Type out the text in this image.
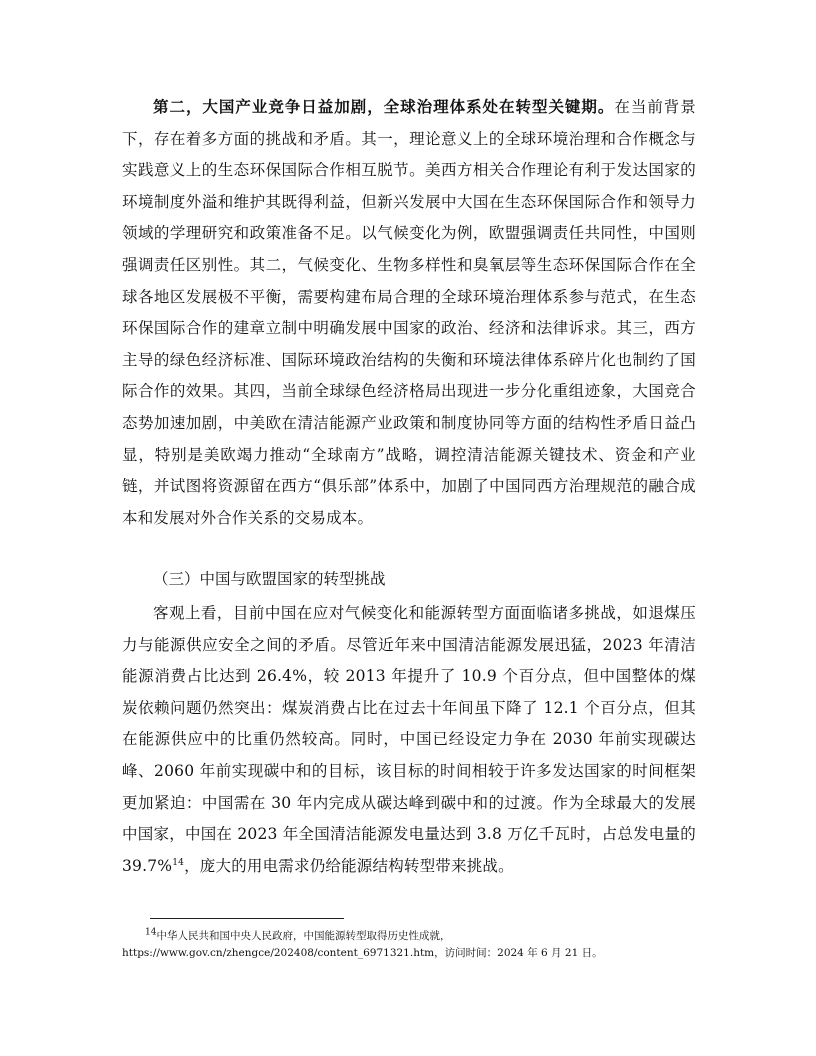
第二，大国产业竞争日益加剧，全球治理体系处在转型关键期。在当前背景下，存在着多方面的挑战和矛盾。其一，理论意义上的全球环境治理和合作概念与实践意义上的生态环保国际合作相互脱节。美西方相关合作理论有利于发达国家的环境制度外溢和维护其既得利益，但新兴发展中大国在生态环保国际合作和领导力领域的学理研究和政策准备不足。以气候变化为例，欧盟强调责任共同性，中国则强调责任区别性。其二，气候变化、生物多样性和臭氧层等生态环保国际合作在全球各地区发展极不平衡，需要构建布局合理的全球环境治理体系参与范式，在生态环保国际合作的建章立制中明确发展中国家的政治、经济和法律诉求。其三，西方主导的绿色经济标准、国际环境政治结构的失衡和环境法律体系碎片化也制约了国际合作的效果。其四，当前全球绿色经济格局出现进一步分化重组迹象，大国竞合态势加速加剧，中美欧在清洁能源产业政策和制度协同等方面的结构性矛盾日益凸显，特别是美欧竭力推动“全球南方”战略，调控清洁能源关键技术、资金和产业链，并试图将资源留在西方“俱乐部”体系中，加剧了中国同西方治理规范的融合成本和发展对外合作关系的交易成本。

（三）中国与欧盟国家的转型挑战

客观上看，目前中国在应对气候变化和能源转型方面面临诸多挑战，如退煤压力与能源供应安全之间的矛盾。尽管近年来中国清洁能源发展迅猛，2023 年清洁能源消费占比达到 26.4%，较 2013 年提升了 10.9 个百分点，但中国整体的煤炭依赖问题仍然突出：煤炭消费占比在过去十年间虽下降了 12.1 个百分点，但其在能源供应中的比重仍然较高。同时，中国已经设定力争在 2030 年前实现碳达峰、2060 年前实现碳中和的目标，该目标的时间相较于许多发达国家的时间框架更加紧迫：中国需在 30 年内完成从碳达峰到碳中和的过渡。作为全球最大的发展中国家，中国在 2023 年全国清洁能源发电量达到 3.8 万亿千瓦时，占总发电量的 39.7%$^{14}$，庞大的用电需求仍给能源结构转型带来挑战。

$^{14}$中华人民共和国中央人民政府，中国能源转型取得历史性成就，
https://www.gov.cn/zhengce/202408/content_6971321.htm，访问时间：2024 年 6 月 21 日。
